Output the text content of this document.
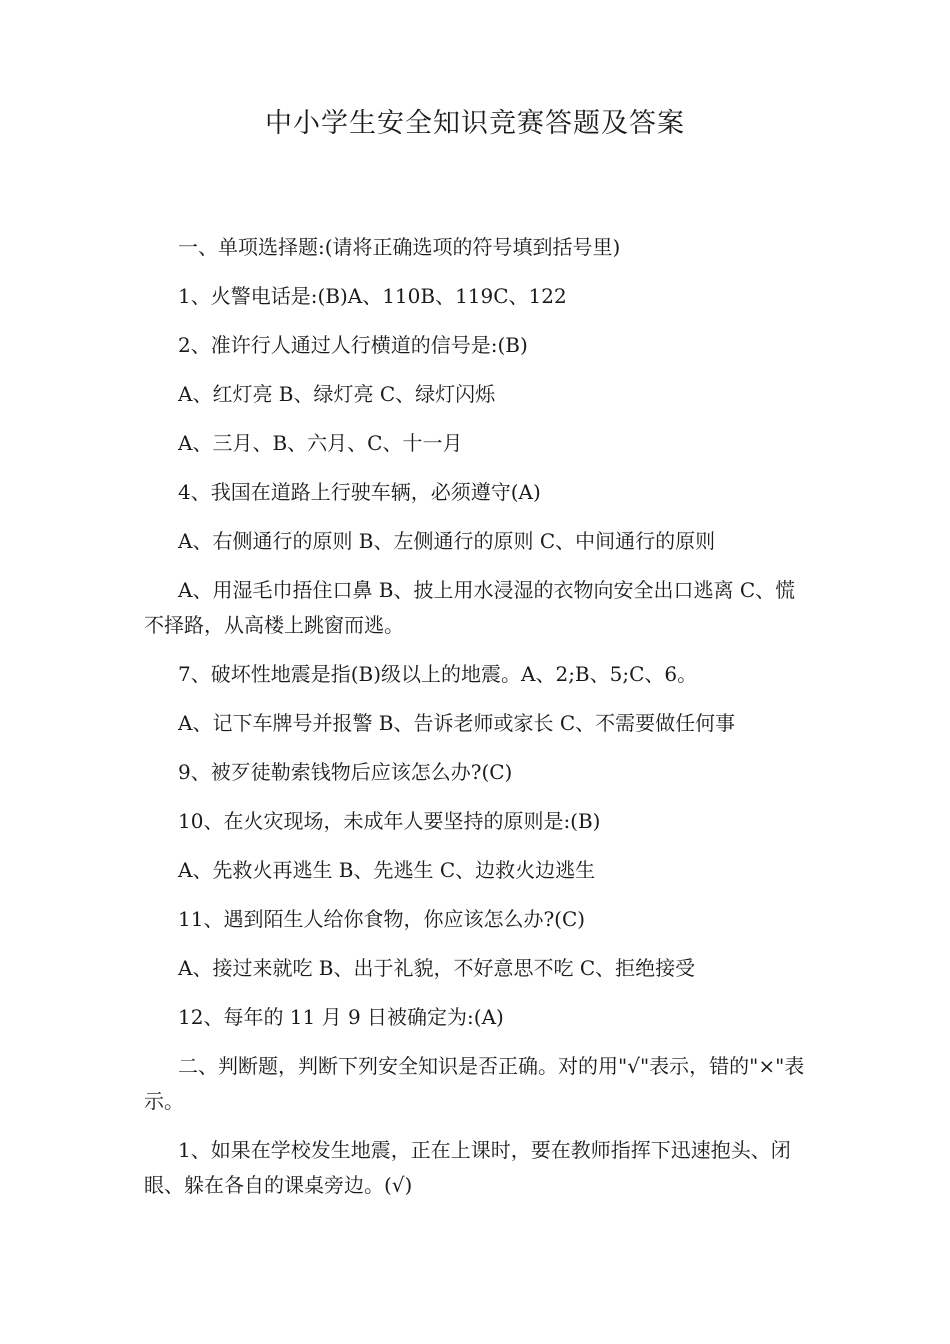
中小学生安全知识竞赛答题及答案

一、单项选择题:(请将正确选项的符号填到括号里)

1、火警电话是:(B)A、110B、119C、122

2、准许行人通过人行横道的信号是:(B)

A、红灯亮 B、绿灯亮 C、绿灯闪烁

A、三月、B、六月、C、十一月

4、我国在道路上行驶车辆，必须遵守(A)

A、右侧通行的原则 B、左侧通行的原则 C、中间通行的原则

A、用湿毛巾捂住口鼻 B、披上用水浸湿的衣物向安全出口逃离 C、慌不择路，从高楼上跳窗而逃。

7、破坏性地震是指(B)级以上的地震。A、2;B、5;C、6。

A、记下车牌号并报警 B、告诉老师或家长 C、不需要做任何事

9、被歹徒勒索钱物后应该怎么办?(C)

10、在火灾现场，未成年人要坚持的原则是:(B)

A、先救火再逃生 B、先逃生 C、边救火边逃生

11、遇到陌生人给你食物，你应该怎么办?(C)

A、接过来就吃 B、出于礼貌，不好意思不吃 C、拒绝接受

12、每年的 11 月 9 日被确定为:(A)

二、判断题，判断下列安全知识是否正确。对的用"√"表示，错的"×"表示。

1、如果在学校发生地震，正在上课时，要在教师指挥下迅速抱头、闭眼、躲在各自的课桌旁边。(√)
